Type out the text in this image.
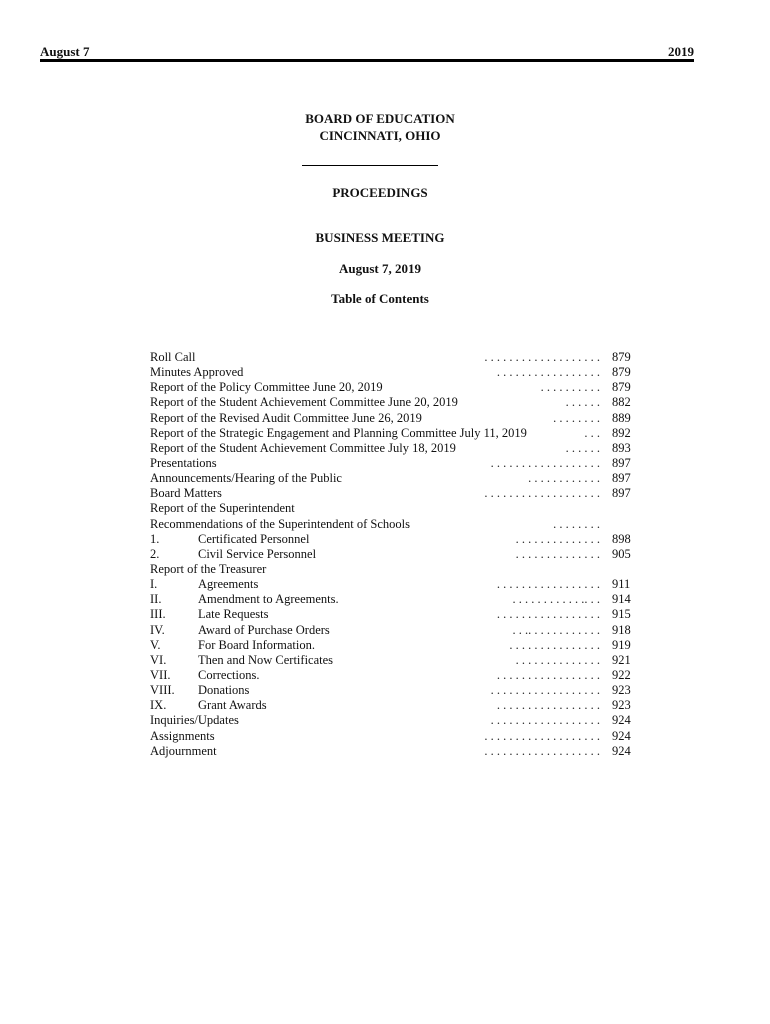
August 7	2019
BOARD OF EDUCATION
CINCINNATI, OHIO
PROCEEDINGS
BUSINESS MEETING
August 7, 2019
Table of Contents
Roll Call	. . . . . . . . . . . . . . . . . . . 879
Minutes Approved	. . . . . . . . . . . . . . . . . 879
Report of the Policy Committee June 20, 2019	. . . . . . . . . . 879
Report of the Student Achievement Committee June 20, 2019	. . . . . . 882
Report of the Revised Audit Committee June 26, 2019	. . . . . . . . 889
Report of the Strategic Engagement and Planning Committee July 11, 2019	. . . 892
Report of the Student Achievement Committee July 18, 2019	. . . . . . 893
Presentations	. . . . . . . . . . . . . . . . . . 897
Announcements/Hearing of the Public	. . . . . . . . . . . . 897
Board Matters	. . . . . . . . . . . . . . . . . . . 897
Report of the Superintendent
Recommendations of the Superintendent of Schools	. . . . . . . .
1.	Certificated Personnel	. . . . . . . . . . . . . . 898
2.	Civil Service Personnel	. . . . . . . . . . . . . . 905
Report of the Treasurer
I.	Agreements	. . . . . . . . . . . . . . . . . 911
II.	Amendment to Agreements.	. . . . . . . . . . . .. . . 914
III.	Late Requests	. . . . . . . . . . . . . . . . . 915
IV.	Award of Purchase Orders	. . .. . . . . . . . . . . . 918
V.	For Board Information.	. . . . . . . . . . . . . . . 919
VI.	Then and Now Certificates	. . . . . . . . . . . . . . 921
VII. Corrections.	. . . . . . . . . . . . . . . . . 922
VIII. Donations	. . . . . . . . . . . . . . . . . . 923
IX.	Grant Awards	. . . . . . . . . . . . . . . . . 923
Inquiries/Updates	. . . . . . . . . . . . . . . . . . 924
Assignments	. . . . . . . . . . . . . . . . . . . 924
Adjournment	. . . . . . . . . . . . . . . . . . . 924
